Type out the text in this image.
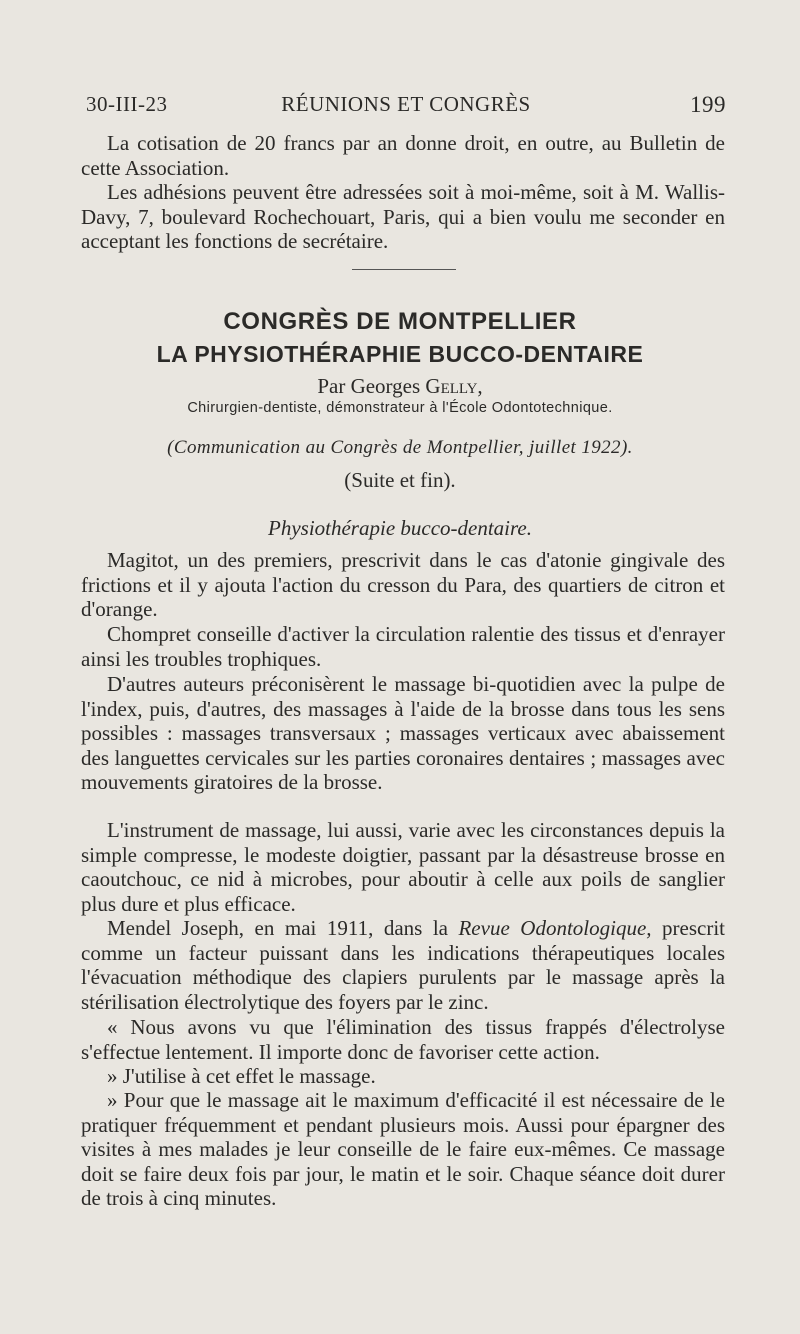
RÉUNIONS ET CONGRÈS
30-III-23	199

La cotisation de 20 francs par an donne droit, en outre, au Bulletin de cette Association.

Les adhésions peuvent être adressées soit à moi-même, soit à M. Wallis-Davy, 7, boulevard Rochechouart, Paris, qui a bien voulu me seconder en acceptant les fonctions de secrétaire.

CONGRÈS DE MONTPELLIER
LA PHYSIOTHÉRAPHIE BUCCO-DENTAIRE
Par Georges Gelly,
Chirurgien-dentiste, démonstrateur à l'École Odontotechnique.
(Communication au Congrès de Montpellier, juillet 1922).
(Suite et fin).
Physiothérapie bucco-dentaire.

Magitot, un des premiers, prescrivit dans le cas d'atonie gingivale des frictions et il y ajouta l'action du cresson du Para, des quartiers de citron et d'orange.

Chompret conseille d'activer la circulation ralentie des tissus et d'enrayer ainsi les troubles trophiques.

D'autres auteurs préconisèrent le massage bi-quotidien avec la pulpe de l'index, puis, d'autres, des massages à l'aide de la brosse dans tous les sens possibles : massages transversaux ; massages verticaux avec abaissement des languettes cervicales sur les parties coronaires dentaires ; massages avec mouvements giratoires de la brosse.

L'instrument de massage, lui aussi, varie avec les circonstances depuis la simple compresse, le modeste doigtier, passant par la désastreuse brosse en caoutchouc, ce nid à microbes, pour aboutir à celle aux poils de sanglier plus dure et plus efficace.

Mendel Joseph, en mai 1911, dans la Revue Odontologique, prescrit comme un facteur puissant dans les indications thérapeutiques locales l'évacuation méthodique des clapiers purulents par le massage après la stérilisation électrolytique des foyers par le zinc.

« Nous avons vu que l'élimination des tissus frappés d'électrolyse s'effectue lentement. Il importe donc de favoriser cette action.

» J'utilise à cet effet le massage.

» Pour que le massage ait le maximum d'efficacité il est nécessaire de le pratiquer fréquemment et pendant plusieurs mois. Aussi pour épargner des visites à mes malades je leur conseille de le faire eux-mêmes. Ce massage doit se faire deux fois par jour, le matin et le soir. Chaque séance doit durer de trois à cinq minutes.
